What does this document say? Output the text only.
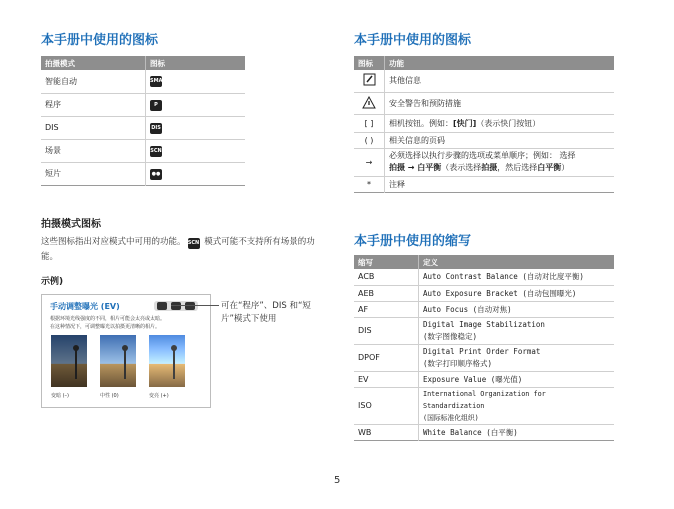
本手册中使用的图标
拍摄模式	图标
智能自动	SMART
程序	P
DIS	DIS
场景	SCN
短片	●●
拍摄模式图标
这些图标指出对应模式中可用的功能。 SCN 模式可能不支持所有场景的功能。
示例)
手动调整曝光 (EV)
根据环境光线强度的不同，相片可能会太亮或太暗。
在这种情况下，可调整曝光以拍摄更清晰的相片。
变暗 (–)	中性 (0)	变亮 (+)
可在“程序”、DIS 和“短片”模式下使用
本手册中使用的图标
图标	功能
	其他信息
	安全警告和预防措施
[ ]	相机按钮。例如：[快门]（表示快门按钮）
( )	相关信息的页码
→	必须选择以执行步骤的选项或菜单顺序；例如： 选择
拍摄 → 白平衡（表示选择拍摄，然后选择白平衡）
*	注释
本手册中使用的缩写
缩写	定义
ACB	Auto Contrast Balance (自动对比度平衡)
AEB	Auto Exposure Bracket (自动包围曝光)
AF	Auto Focus (自动对焦)
DIS	Digital Image Stabilization
(数字图像稳定)
DPOF	Digital Print Order Format
(数字打印顺序格式)
EV	Exposure Value (曝光值)
ISO	International Organization for Standardization
(国际标准化组织)
WB	White Balance (白平衡)
5
